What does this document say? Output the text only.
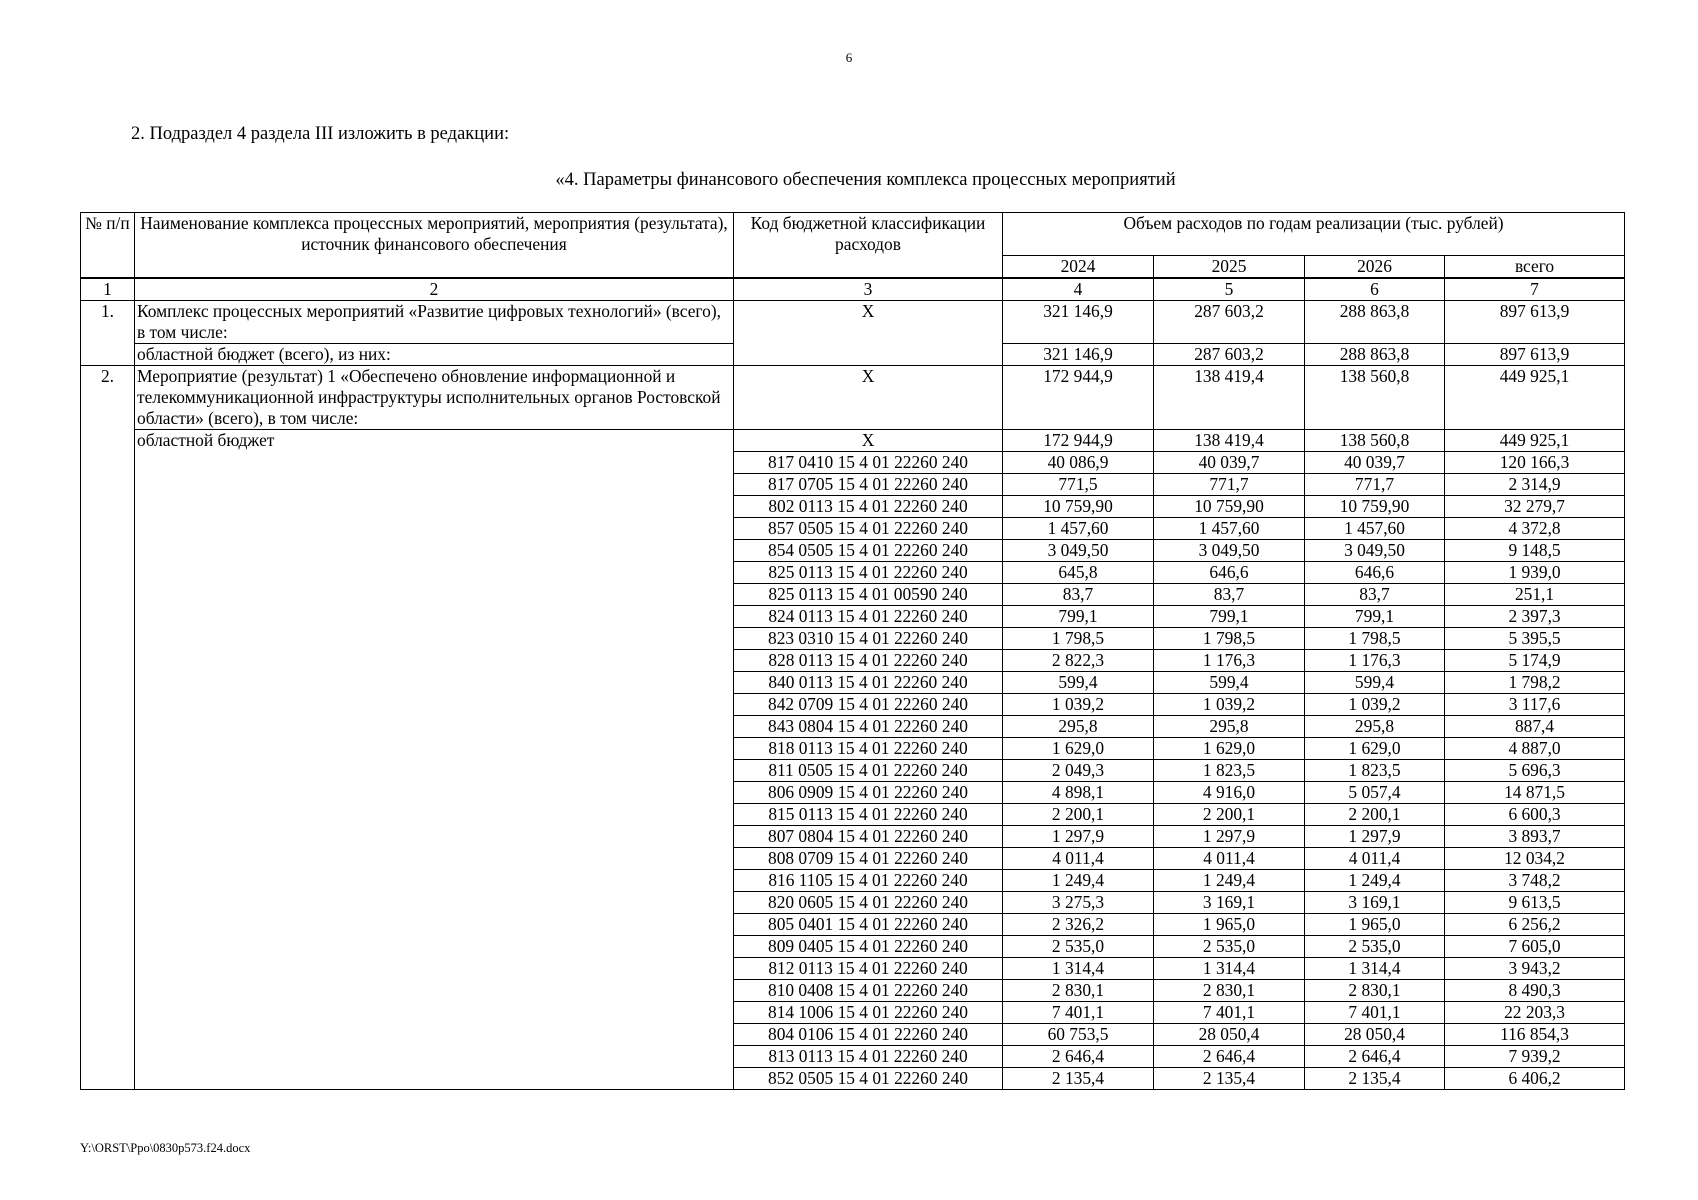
6
2. Подраздел 4 раздела III изложить в редакции:
«4. Параметры финансового обеспечения комплекса процессных мероприятий
№ п/п	Наименование комплекса процессных мероприятий, мероприятия (результата), источник финансового обеспечения	Код бюджетной классификации расходов	Объем расходов по годам реализации (тыс. рублей)			
			2024	2025	2026	всего
1	2	3	4	5	6	7
1.	Комплекс процессных мероприятий «Развитие цифровых технологий» (всего), в том числе:	Х	321 146,9	287 603,2	288 863,8	897 613,9
	областной бюджет (всего), из них:		321 146,9	287 603,2	288 863,8	897 613,9
2.	Мероприятие (результат) 1 «Обеспечено обновление информационной и телекоммуникационной инфраструктуры исполнительных органов Ростовской области» (всего), в том числе:	Х	172 944,9	138 419,4	138 560,8	449 925,1
	областной бюджет	Х	172 944,9	138 419,4	138 560,8	449 925,1
		817 0410 15 4 01 22260 240	40 086,9	40 039,7	40 039,7	120 166,3
		817 0705 15 4 01 22260 240	771,5	771,7	771,7	2 314,9
		802 0113 15 4 01 22260 240	10 759,90	10 759,90	10 759,90	32 279,7
		857 0505 15 4 01 22260 240	1 457,60	1 457,60	1 457,60	4 372,8
		854 0505 15 4 01 22260 240	3 049,50	3 049,50	3 049,50	9 148,5
		825 0113 15 4 01 22260 240	645,8	646,6	646,6	1 939,0
		825 0113 15 4 01 00590 240	83,7	83,7	83,7	251,1
		824 0113 15 4 01 22260 240	799,1	799,1	799,1	2 397,3
		823 0310 15 4 01 22260 240	1 798,5	1 798,5	1 798,5	5 395,5
		828 0113 15 4 01 22260 240	2 822,3	1 176,3	1 176,3	5 174,9
		840 0113 15 4 01 22260 240	599,4	599,4	599,4	1 798,2
		842 0709 15 4 01 22260 240	1 039,2	1 039,2	1 039,2	3 117,6
		843 0804 15 4 01 22260 240	295,8	295,8	295,8	887,4
		818 0113 15 4 01 22260 240	1 629,0	1 629,0	1 629,0	4 887,0
		811 0505 15 4 01 22260 240	2 049,3	1 823,5	1 823,5	5 696,3
		806 0909 15 4 01 22260 240	4 898,1	4 916,0	5 057,4	14 871,5
		815 0113 15 4 01 22260 240	2 200,1	2 200,1	2 200,1	6 600,3
		807 0804 15 4 01 22260 240	1 297,9	1 297,9	1 297,9	3 893,7
		808 0709 15 4 01 22260 240	4 011,4	4 011,4	4 011,4	12 034,2
		816 1105 15 4 01 22260 240	1 249,4	1 249,4	1 249,4	3 748,2
		820 0605 15 4 01 22260 240	3 275,3	3 169,1	3 169,1	9 613,5
		805 0401 15 4 01 22260 240	2 326,2	1 965,0	1 965,0	6 256,2
		809 0405 15 4 01 22260 240	2 535,0	2 535,0	2 535,0	7 605,0
		812 0113 15 4 01 22260 240	1 314,4	1 314,4	1 314,4	3 943,2
		810 0408 15 4 01 22260 240	2 830,1	2 830,1	2 830,1	8 490,3
		814 1006 15 4 01 22260 240	7 401,1	7 401,1	7 401,1	22 203,3
		804 0106 15 4 01 22260 240	60 753,5	28 050,4	28 050,4	116 854,3
		813 0113 15 4 01 22260 240	2 646,4	2 646,4	2 646,4	7 939,2
		852 0505 15 4 01 22260 240	2 135,4	2 135,4	2 135,4	6 406,2
Y:\ORST\Ppo\0830p573.f24.docx
